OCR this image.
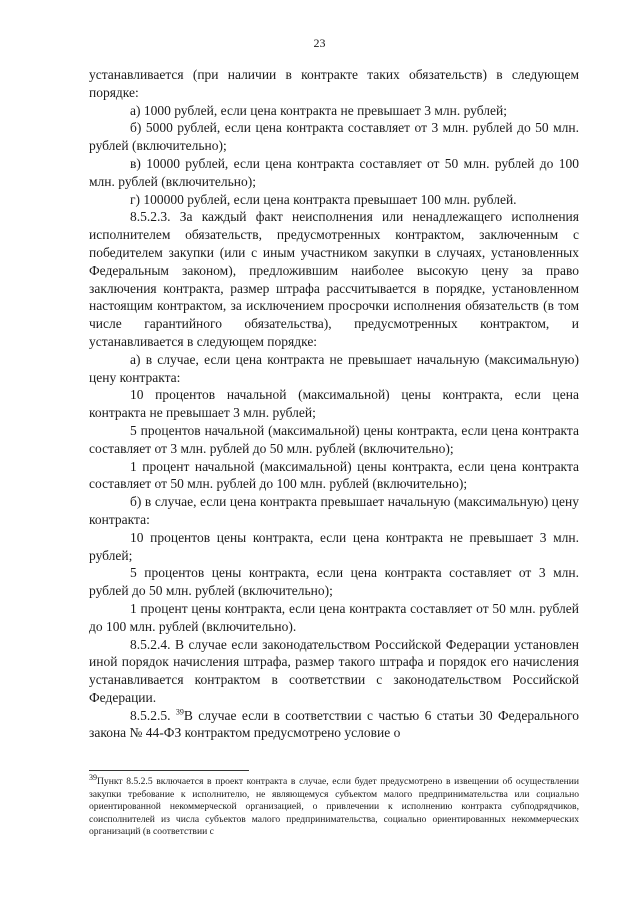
23

устанавливается (при наличии в контракте таких обязательств) в следующем порядке:

а) 1000 рублей, если цена контракта не превышает 3 млн. рублей;

б) 5000 рублей, если цена контракта составляет от 3 млн. рублей до 50 млн. рублей (включительно);

в) 10000 рублей, если цена контракта составляет от 50 млн. рублей до 100 млн. рублей (включительно);

г) 100000 рублей, если цена контракта превышает 100 млн. рублей.

8.5.2.3. За каждый факт неисполнения или ненадлежащего исполнения исполнителем обязательств, предусмотренных контрактом, заключенным с победителем закупки (или с иным участником закупки в случаях, установленных Федеральным законом), предложившим наиболее высокую цену за право заключения контракта, размер штрафа рассчитывается в порядке, установленном настоящим контрактом, за исключением просрочки исполнения обязательств (в том числе гарантийного обязательства), предусмотренных контрактом, и устанавливается в следующем порядке:

а) в случае, если цена контракта не превышает начальную (максимальную) цену контракта:

10 процентов начальной (максимальной) цены контракта, если цена контракта не превышает 3 млн. рублей;

5 процентов начальной (максимальной) цены контракта, если цена контракта составляет от 3 млн. рублей до 50 млн. рублей (включительно);

1 процент начальной (максимальной) цены контракта, если цена контракта составляет от 50 млн. рублей до 100 млн. рублей (включительно);

б) в случае, если цена контракта превышает начальную (максимальную) цену контракта:

10 процентов цены контракта, если цена контракта не превышает 3 млн. рублей;

5 процентов цены контракта, если цена контракта составляет от 3 млн. рублей до 50 млн. рублей (включительно);

1 процент цены контракта, если цена контракта составляет от 50 млн. рублей до 100 млн. рублей (включительно).

8.5.2.4. В случае если законодательством Российской Федерации установлен иной порядок начисления штрафа, размер такого штрафа и порядок его начисления устанавливается контрактом в соответствии с законодательством Российской Федерации.

8.5.2.5. $^{39}$В случае если в соответствии с частью 6 статьи 30 Федерального закона № 44-ФЗ контрактом предусмотрено условие о

$^{39}$Пункт 8.5.2.5 включается в проект контракта в случае, если будет предусмотрено в извещении об осуществлении закупки требование к исполнителю, не являющемуся субъектом малого предпринимательства или социально ориентированной некоммерческой организацией, о привлечении к исполнению контракта субподрядчиков, соисполнителей из числа субъектов малого предпринимательства, социально ориентированных некоммерческих организаций (в соответствии с
